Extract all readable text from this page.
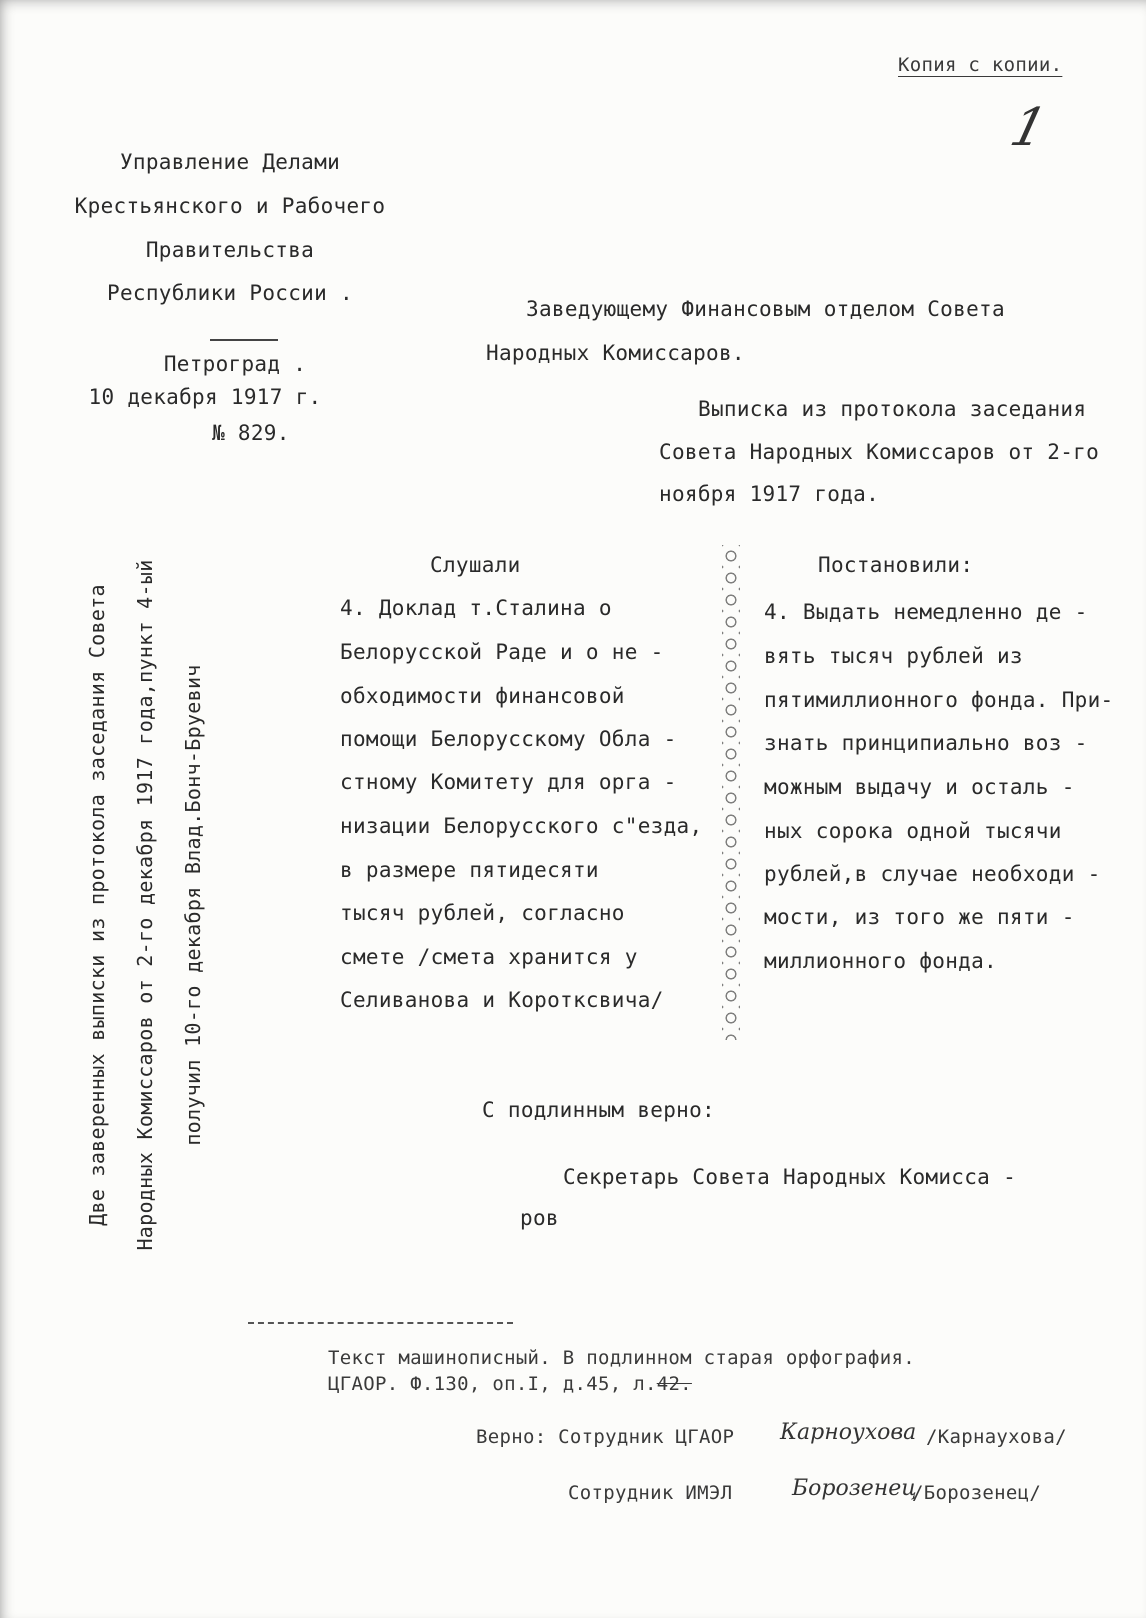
Копия с копии.
1
Управление Делами
Крестьянского и Рабочего
Правительства
Республики России .
Петроград .
10 декабря 1917 г.
№ 829.
Заведующему Финансовым отделом Совета
Народных Комиссаров.
Выписка из протокола заседания
Совета Народных Комиссаров от 2-го
ноября 1917 года.
Слушали
4. Доклад т.Сталина о
Белорусской Раде и о не -
обходимости финансовой
помощи Белорусскому Обла -
стному Комитету для орга -
низации Белорусского с"езда,
в размере пятидесяти
тысяч рублей, согласно
смете /смета хранится у
Селиванова и Коротксвича/
Постановили:
4. Выдать немедленно де -
вять тысяч рублей из
пятимиллионного фонда. При-
знать принципиально воз -
можным выдачу и осталь -
ных сорока одной тысячи
рублей,в случае необходи -
мости, из того же пяти -
миллионного фонда.
С подлинным верно:
Секретарь Совета Народных Комисса -
ров
Две заверенных выписки из протокола заседания Совета Народных Комиссаров от 2-го декабря 1917 года,пункт 4-ый получил 10-го декабря Влад.Бонч-Бруевич
Текст машинописный. В подлинном старая орфография.
ЦГАОР. Ф.130, оп.I, д.45, л.42.
Верно: Сотрудник ЦГАОР Карноухова /Карнаухова/
Сотрудник ИМЭЛ	Борозенец
/Борозенец/
